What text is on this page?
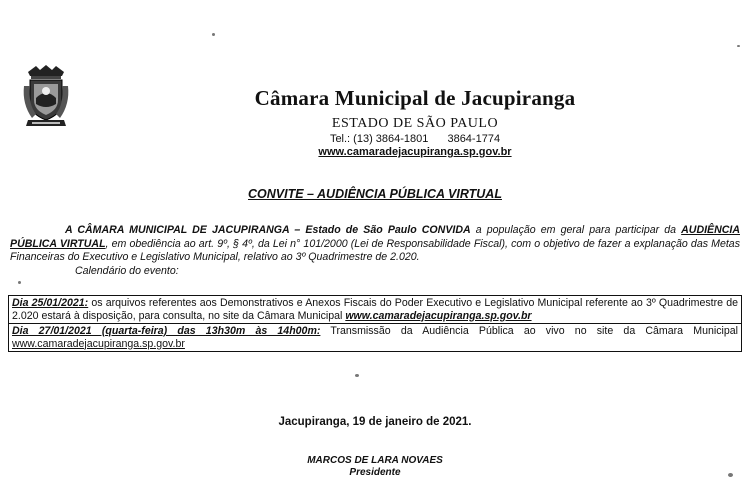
Câmara Municipal de Jacupiranga
ESTADO DE SÃO PAULO
Tel.: (13) 3864-1801 3864-1774
www.camaradejacupiranga.sp.gov.br
CONVITE – AUDIÊNCIA PÚBLICA VIRTUAL
A CÂMARA MUNICIPAL DE JACUPIRANGA – Estado de São Paulo CONVIDA a população em geral para participar da AUDIÊNCIA PÚBLICA VIRTUAL, em obediência ao art. 9º, § 4º, da Lei n° 101/2000 (Lei de Responsabilidade Fiscal), com o objetivo de fazer a explanação das Metas Financeiras do Executivo e Legislativo Municipal, relativo ao 3º Quadrimestre de 2.020.
Calendário do evento:
Dia 25/01/2021: os arquivos referentes aos Demonstrativos e Anexos Fiscais do Poder Executivo e Legislativo Municipal referente ao 3º Quadrimestre de 2.020 estará à disposição, para consulta, no site da Câmara Municipal www.camaradejacupiranga.sp.gov.br
Dia 27/01/2021 (quarta-feira) das 13h30m às 14h00m: Transmissão da Audiência Pública ao vivo no site da Câmara Municipal www.camaradejacupiranga.sp.gov.br
Jacupiranga, 19 de janeiro de 2021.
MARCOS DE LARA NOVAES
Presidente
